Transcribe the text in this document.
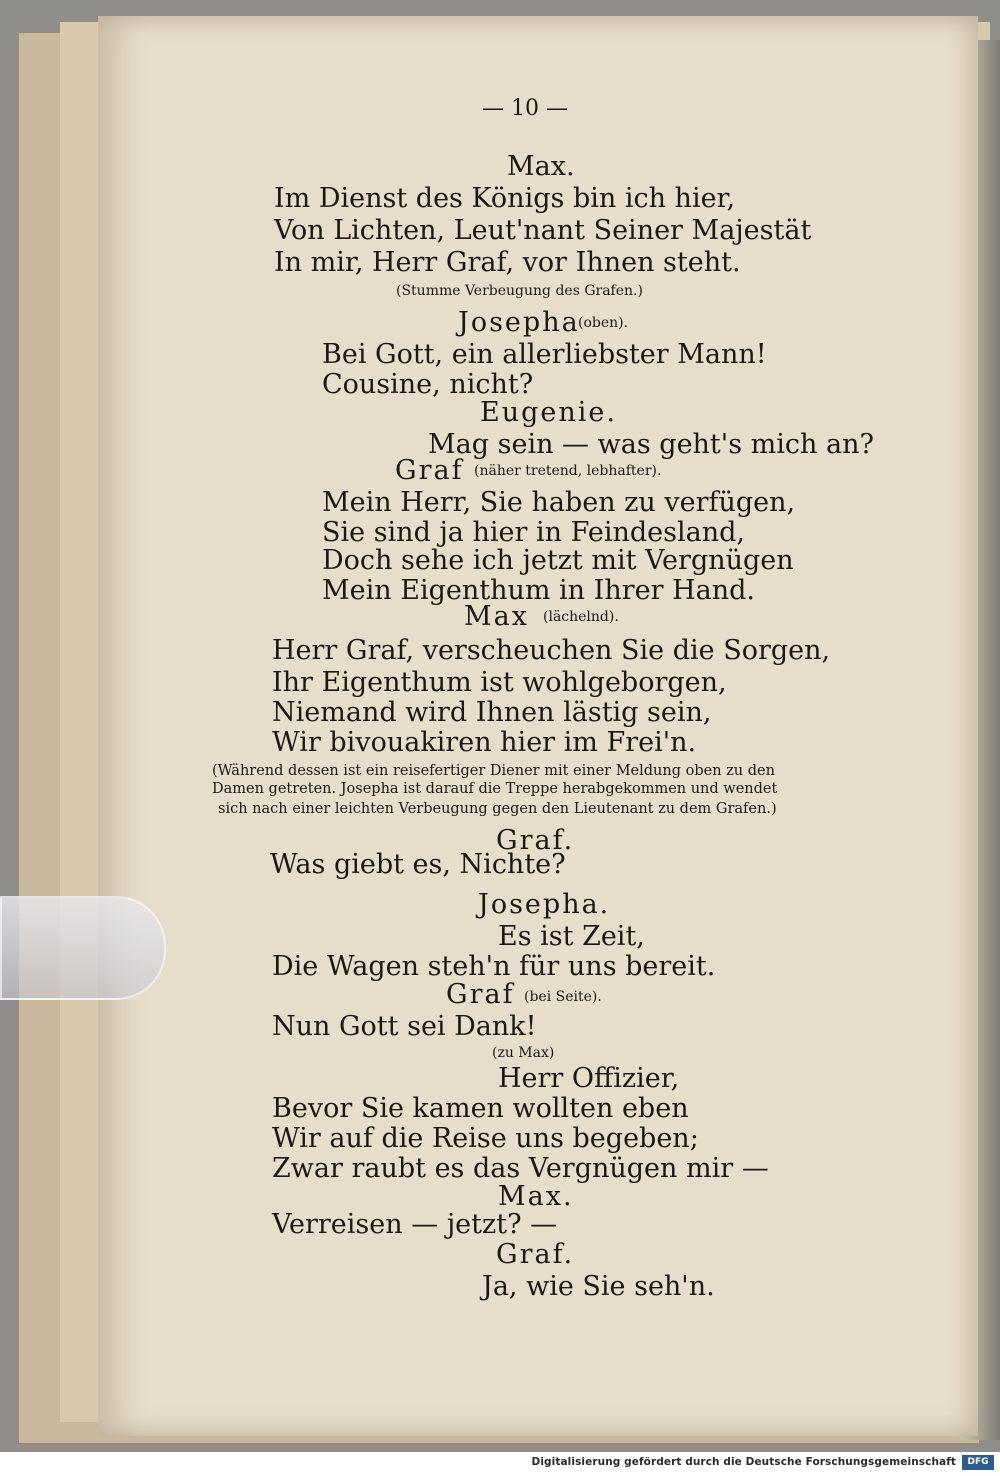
— 10 —
Max.
Im Dienst des Königs bin ich hier,
Von Lichten, Leut'nant Seiner Majestät
In mir, Herr Graf, vor Ihnen steht.
(Stumme Verbeugung des Grafen.)
Josepha
(oben).
Bei Gott, ein allerliebster Mann!
Cousine, nicht?
Eugenie.
Mag sein — was geht's mich an?
Graf (näher tretend, lebhafter).
Mein Herr, Sie haben zu verfügen,
Sie sind ja hier in Feindesland,
Doch sehe ich jetzt mit Vergnügen
Mein Eigenthum in Ihrer Hand.
Max (lächelnd).
Herr Graf, verscheuchen Sie die Sorgen,
Ihr Eigenthum ist wohlgeborgen,
Niemand wird Ihnen lästig sein,
Wir bivouakiren hier im Frei'n.
(Während dessen ist ein reisefertiger Diener mit einer Meldung oben zu den
Damen getreten. Josepha ist darauf die Treppe herabgekommen und wendet
sich nach einer leichten Verbeugung gegen den Lieutenant zu dem Grafen.)
Graf.
Was giebt es, Nichte?
Josepha.
Es ist Zeit,
Die Wagen steh'n für uns bereit.
Graf (bei Seite).
Nun Gott sei Dank!
(zu Max)
Herr Offizier,
Bevor Sie kamen wollten eben
Wir auf die Reise uns begeben;
Zwar raubt es das Vergnügen mir —
Max.
Verreisen — jetzt? —
Graf.
Ja, wie Sie seh'n.
Digitalisierung gefördert durch die Deutsche Forschungsgemeinschaft	DFG
